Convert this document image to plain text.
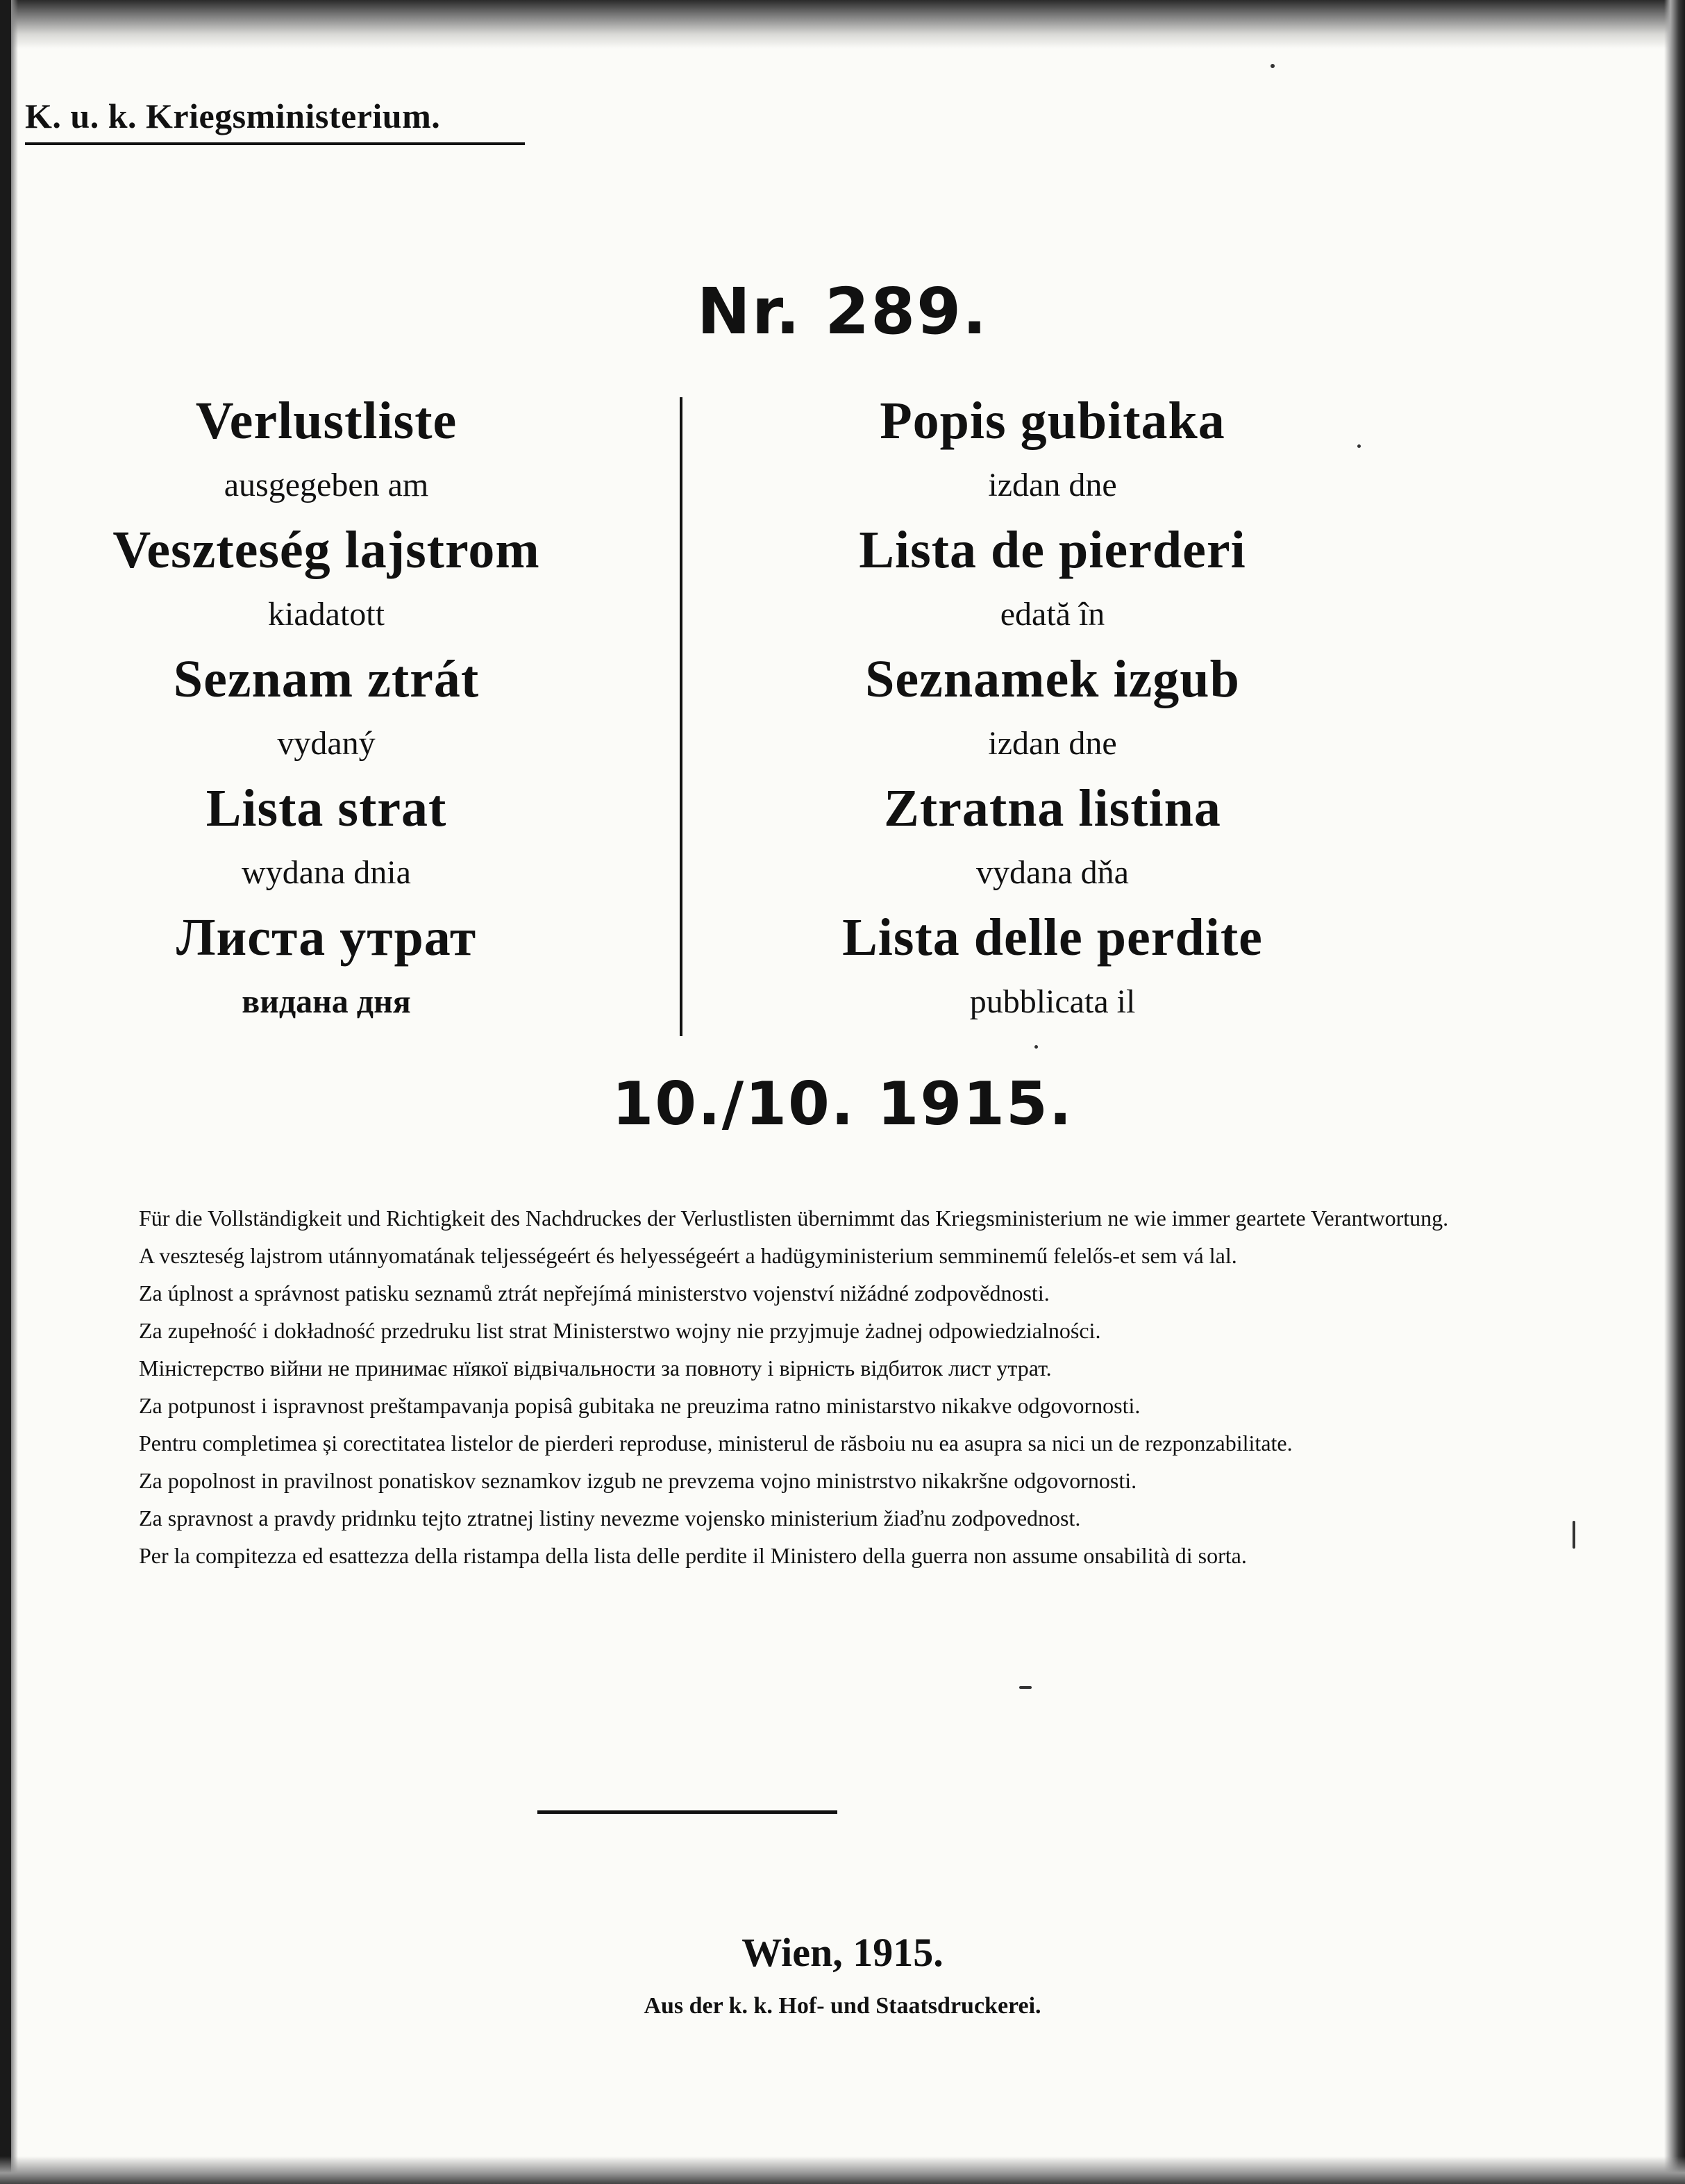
K. u. k. Kriegsministerium.
Nr. 289.

Verlustliste

ausgegeben am

Veszteség lajstrom

kiadatott

Seznam ztrát

vydaný

Lista strat

wydana dnia

Листа утрат

видана дня

Popis gubitaka

izdan dne

Lista de pierderi

edată în

Seznamek izgub

izdan dne

Ztratna listina

vydana dňa

Lista delle perdite

pubblicata il

10./10. 1915.

Für die Vollständigkeit und Richtigkeit des Nachdruckes der Verlustlisten übernimmt das Kriegsministerium ne wie immer geartete Verantwortung.

A veszteség lajstrom utánnyomatának teljességeért és helyességeért a hadügyministerium semminemű felelős-et sem vá lal.

Za úplnost a správnost patisku seznamů ztrát nepřejímá ministerstvo vojenství nižádné zodpovědnosti.

Za zupełność i dokładność przedruku list strat Ministerstwo wojny nie przyjmuje żadnej odpowiedzialności.

Міністерство війни не принимає нїякої відвічальности за повноту і вірність відбиток лист утрат.

Za potpunost i ispravnost preštampavanja popisâ gubitaka ne preuzima ratno ministarstvo nikakve odgovornosti.

Pentru completimea și corectitatea listelor de pierderi reproduse, ministerul de răsboiu nu ea asupra sa nici un de rezponzabilitate.

Za popolnost in pravilnost ponatiskov seznamkov izgub ne prevzema vojno ministrstvo nikakršne odgovornosti.

Za spravnost a pravdy pridɪnku tejto ztratnej listiny nevezme vojensko ministerium žiaďnu zodpovednost.

Per la compitezza ed esattezza della ristampa della lista delle perdite il Ministero della guerra non assume onsabilità di sorta.

Wien, 1915.
Aus der k. k. Hof- und Staatsdruckerei.
